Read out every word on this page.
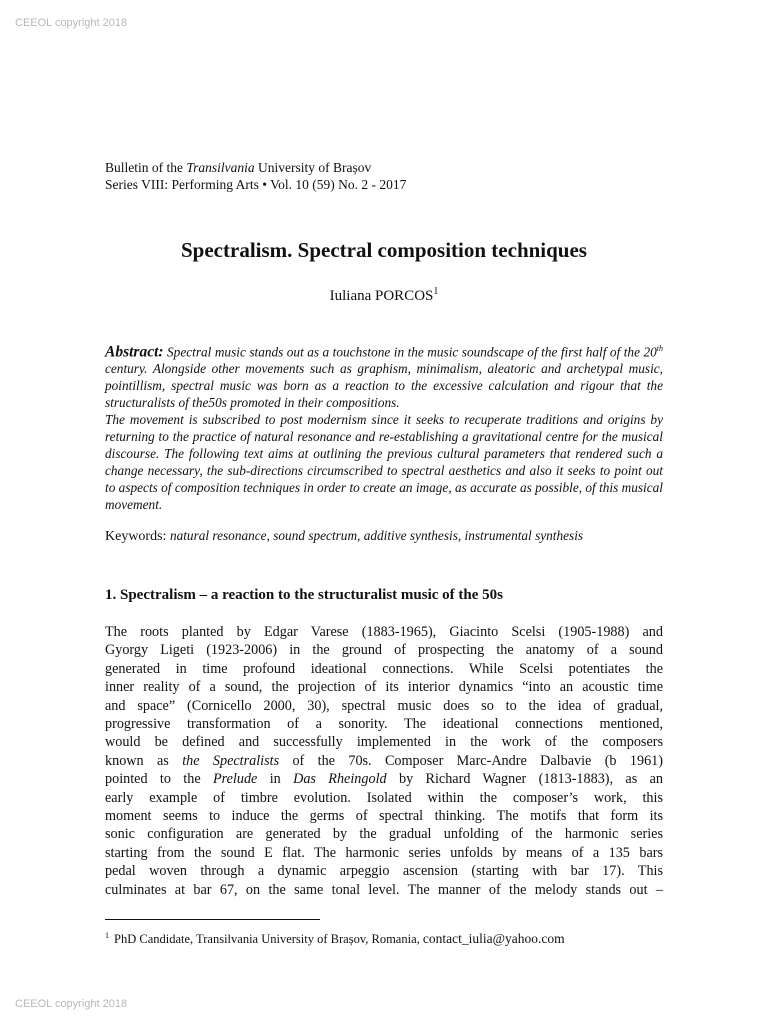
CEEOL copyright 2018
Bulletin of the Transilvania University of Brașov
Series VIII: Performing Arts • Vol. 10 (59) No. 2 - 2017
Spectralism. Spectral composition techniques
Iuliana PORCOS$^1$

Abstract: Spectral music stands out as a touchstone in the music soundscape of the first half of the 20th century. Alongside other movements such as graphism, minimalism, aleatoric and archetypal music, pointillism, spectral music was born as a reaction to the excessive calculation and rigour that the structuralists of the50s promoted in their compositions.

The movement is subscribed to post modernism since it seeks to recuperate traditions and origins by returning to the practice of natural resonance and re-establishing a gravitational centre for the musical discourse. The following text aims at outlining the previous cultural parameters that rendered such a change necessary, the sub-directions circumscribed to spectral aesthetics and also it seeks to point out to aspects of composition techniques in order to create an image, as accurate as possible, of this musical movement.

Keywords: natural resonance, sound spectrum, additive synthesis, instrumental synthesis
1. Spectralism – a reaction to the structuralist music of the 50s
The roots planted by Edgar Varese (1883-1965), Giacinto Scelsi (1905-1988) and
Gyorgy Ligeti (1923-2006) in the ground of prospecting the anatomy of a sound
generated in time profound ideational connections. While Scelsi potentiates the
inner reality of a sound, the projection of its interior dynamics “into an acoustic time
and space” (Cornicello 2000, 30), spectral music does so to the idea of gradual,
progressive transformation of a sonority. The ideational connections mentioned,
would be defined and successfully implemented in the work of the composers
known as the Spectralists of the 70s. Composer Marc-Andre Dalbavie (b 1961)
pointed to the Prelude in Das Rheingold by Richard Wagner (1813-1883), as an
early example of timbre evolution. Isolated within the composer’s work, this
moment seems to induce the germs of spectral thinking. The motifs that form its
sonic configuration are generated by the gradual unfolding of the harmonic series
starting from the sound E flat. The harmonic series unfolds by means of a 135 bars
pedal woven through a dynamic arpeggio ascension (starting with bar 17). This
culminates at bar 67, on the same tonal level. The manner of the melody stands out –
$^1$ PhD Candidate, Transilvania University of Brașov, Romania, contact_iulia@yahoo.com
CEEOL copyright 2018
